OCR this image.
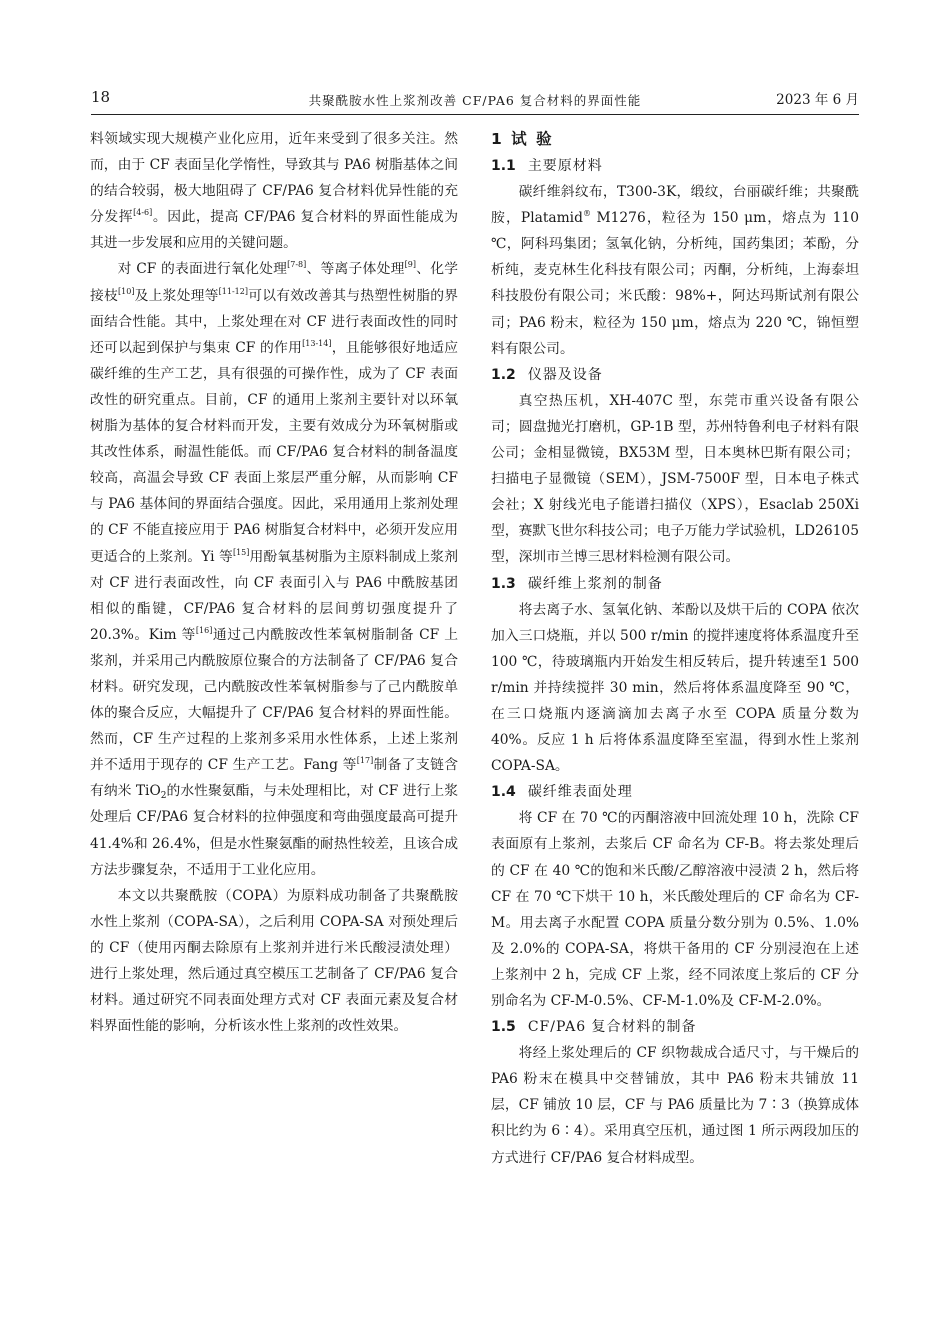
18	共聚酰胺水性上浆剂改善 CF/PA6 复合材料的界面性能	2023 年 6 月

料领域实现大规模产业化应用，近年来受到了很多关注。然而，由于 CF 表面呈化学惰性，导致其与 PA6 树脂基体之间的结合较弱，极大地阻碍了 CF/PA6 复合材料优异性能的充分发挥[4-6]。因此，提高 CF/PA6 复合材料的界面性能成为其进一步发展和应用的关键问题。

对 CF 的表面进行氧化处理[7-8]、等离子体处理[9]、化学接枝[10]及上浆处理等[11-12]可以有效改善其与热塑性树脂的界面结合性能。其中，上浆处理在对 CF 进行表面改性的同时还可以起到保护与集束 CF 的作用[13-14]，且能够很好地适应碳纤维的生产工艺，具有很强的可操作性，成为了 CF 表面改性的研究重点。目前，CF 的通用上浆剂主要针对以环氧树脂为基体的复合材料而开发，主要有效成分为环氧树脂或其改性体系，耐温性能低。而 CF/PA6 复合材料的制备温度较高，高温会导致 CF 表面上浆层严重分解，从而影响 CF 与 PA6 基体间的界面结合强度。因此，采用通用上浆剂处理的 CF 不能直接应用于 PA6 树脂复合材料中，必须开发应用更适合的上浆剂。Yi 等[15]用酚氧基树脂为主原料制成上浆剂对 CF 进行表面改性，向 CF 表面引入与 PA6 中酰胺基团相似的酯键，CF/PA6 复合材料的层间剪切强度提升了 20.3%。Kim 等[16]通过己内酰胺改性苯氧树脂制备 CF 上浆剂，并采用己内酰胺原位聚合的方法制备了 CF/PA6 复合材料。研究发现，己内酰胺改性苯氧树脂参与了己内酰胺单体的聚合反应，大幅提升了 CF/PA6 复合材料的界面性能。然而，CF 生产过程的上浆剂多采用水性体系，上述上浆剂并不适用于现存的 CF 生产工艺。Fang 等[17]制备了支链含有纳米 TiO$_2$的水性聚氨酯，与未处理相比，对 CF 进行上浆处理后 CF/PA6 复合材料的拉伸强度和弯曲强度最高可提升 41.4%和 26.4%，但是水性聚氨酯的耐热性较差，且该合成方法步骤复杂，不适用于工业化应用。

本文以共聚酰胺（COPA）为原料成功制备了共聚酰胺水性上浆剂（COPA-SA），之后利用 COPA-SA 对预处理后的 CF（使用丙酮去除原有上浆剂并进行米氏酸浸渍处理）进行上浆处理，然后通过真空模压工艺制备了 CF/PA6 复合材料。通过研究不同表面处理方式对 CF 表面元素及复合材料界面性能的影响，分析该水性上浆剂的改性效果。

1 试 验
1.1 主要原材料

碳纤维斜纹布，T300-3K，缎纹，台丽碳纤维；共聚酰胺，Platamid® M1276，粒径为 150 μm，熔点为 110 ℃，阿科玛集团；氢氧化钠，分析纯，国药集团；苯酚，分析纯，麦克林生化科技有限公司；丙酮，分析纯，上海泰坦科技股份有限公司；米氏酸：98%+，阿达玛斯试剂有限公司；PA6 粉末，粒径为 150 μm，熔点为 220 ℃，锦恒塑料有限公司。

1.2 仪器及设备

真空热压机，XH-407C 型，东莞市重兴设备有限公司；圆盘抛光打磨机，GP-1B 型，苏州特鲁利电子材料有限公司；金相显微镜，BX53M 型，日本奥林巴斯有限公司；扫描电子显微镜（SEM），JSM-7500F 型，日本电子株式会社；X 射线光电子能谱扫描仪（XPS），Esaclab 250Xi 型，赛默飞世尔科技公司；电子万能力学试验机，LD26105 型，深圳市兰博三思材料检测有限公司。

1.3 碳纤维上浆剂的制备

将去离子水、氢氧化钠、苯酚以及烘干后的 COPA 依次加入三口烧瓶，并以 500 r/min 的搅拌速度将体系温度升至 100 ℃，待玻璃瓶内开始发生相反转后，提升转速至1 500 r/min 并持续搅拌 30 min，然后将体系温度降至 90 ℃，在三口烧瓶内逐滴滴加去离子水至 COPA 质量分数为 40%。反应 1 h 后将体系温度降至室温，得到水性上浆剂 COPA-SA。

1.4 碳纤维表面处理

将 CF 在 70 ℃的丙酮溶液中回流处理 10 h，洗除 CF 表面原有上浆剂，去浆后 CF 命名为 CF-B。将去浆处理后的 CF 在 40 ℃的饱和米氏酸/乙醇溶液中浸渍 2 h，然后将 CF 在 70 ℃下烘干 10 h，米氏酸处理后的 CF 命名为 CF-M。用去离子水配置 COPA 质量分数分别为 0.5%、1.0%及 2.0%的 COPA-SA，将烘干备用的 CF 分别浸泡在上述上浆剂中 2 h，完成 CF 上浆，经不同浓度上浆后的 CF 分别命名为 CF-M-0.5%、CF-M-1.0%及 CF-M-2.0%。

1.5 CF/PA6 复合材料的制备

将经上浆处理后的 CF 织物裁成合适尺寸，与干燥后的 PA6 粉末在模具中交替铺放，其中 PA6 粉末共铺放 11 层，CF 铺放 10 层，CF 与 PA6 质量比为 7∶3（换算成体积比约为 6∶4）。采用真空压机，通过图 1 所示两段加压的方式进行 CF/PA6 复合材料成型。
